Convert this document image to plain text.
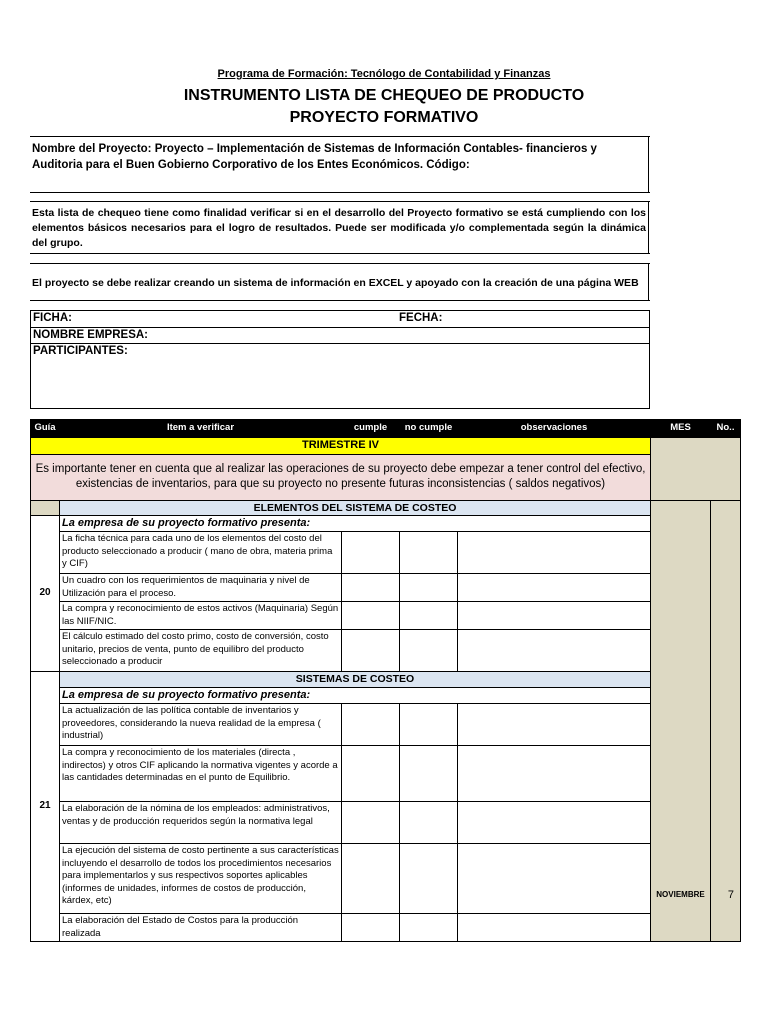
Programa de Formación: Tecnólogo de Contabilidad y Finanzas
INSTRUMENTO LISTA DE CHEQUEO DE PRODUCTO
PROYECTO FORMATIVO
Nombre del Proyecto: Proyecto – Implementación de Sistemas de Información Contables- financieros y Auditoria para el Buen Gobierno Corporativo de los Entes Económicos. Código:
Esta lista de chequeo tiene como finalidad verificar si en el desarrollo del Proyecto formativo se está cumpliendo con los elementos básicos necesarios para el logro de resultados. Puede ser modificada y/o complementada según la dinámica del grupo.
El proyecto se debe realizar creando un sistema de información en EXCEL y apoyado con la creación de una página WEB
FICHA:	FECHA:
NOMBRE EMPRESA:
PARTICIPANTES:
Guía	Item a verificar	cumple	no cumple	observaciones	MES	No..
TRIMESTRE IV						
Es importante tener en cuenta que al realizar las operaciones de su proyecto debe empezar a tener control del efectivo, existencias de inventarios, para que su proyecto no presente futuras inconsistencias ( saldos negativos)						
	ELEMENTOS DEL SISTEMA DE COSTEO				NOVIEMBRE	7
20	La empresa de su proyecto formativo presenta:					
	La ficha técnica para cada uno de los elementos del costo del producto seleccionado a producir ( mano de obra, materia prima y CIF)					
	Un cuadro con los requerimientos de maquinaria y nivel de Utilización para el proceso.					
	La compra y reconocimiento de estos activos (Maquinaria) Según las NIIF/NIC.					
	El cálculo estimado del costo primo, costo de conversión, costo unitario, precios de venta, punto de equilibro del producto seleccionado a producir					
21	SISTEMAS DE COSTEO					
	La empresa de su proyecto formativo presenta:					
	La actualización de las política contable de inventarios y proveedores, considerando la nueva realidad de la empresa ( industrial)					
	La compra y reconocimiento de los materiales (directa , indirectos) y otros CIF aplicando la normativa vigentes y acorde a las cantidades determinadas en el punto de Equilibrio.					
	La elaboración de la nómina de los empleados: administrativos, ventas y de producción requeridos según la normativa legal					
	La ejecución del sistema de costo pertinente a sus características incluyendo el desarrollo de todos los procedimientos necesarios para implementarlos y sus respectivos soportes aplicables (informes de unidades, informes de costos de producción, kárdex, etc)					
	La elaboración del Estado de Costos para la producción realizada					
